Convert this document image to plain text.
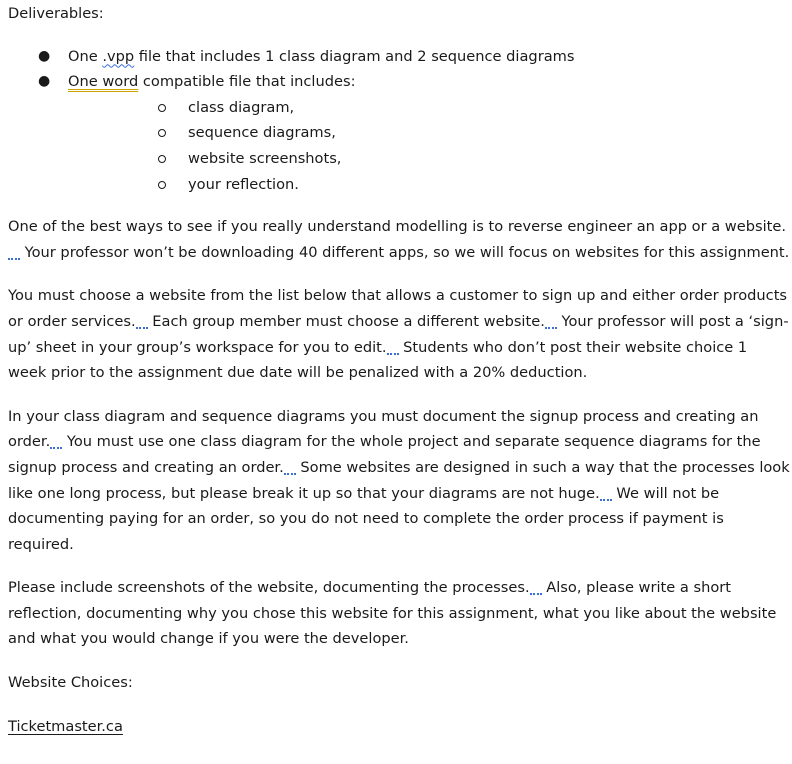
Deliverables:
● One .vpp file that includes 1 class diagram and 2 sequence diagrams
● One word compatible file that includes:
class diagram,
sequence diagrams,
website screenshots,
your reflection.
One of the best ways to see if you really understand modelling is to reverse engineer an app or a website. Your professor won’t be downloading 40 different apps, so we will focus on websites for this assignment.
You must choose a website from the list below that allows a customer to sign up and either order products or order services. Each group member must choose a different website. Your professor will post a ‘sign-up’ sheet in your group’s workspace for you to edit. Students who don’t post their website choice 1 week prior to the assignment due date will be penalized with a 20% deduction.
In your class diagram and sequence diagrams you must document the signup process and creating an order. You must use one class diagram for the whole project and separate sequence diagrams for the signup process and creating an order. Some websites are designed in such a way that the processes look like one long process, but please break it up so that your diagrams are not huge. We will not be documenting paying for an order, so you do not need to complete the order process if payment is required.
Please include screenshots of the website, documenting the processes. Also, please write a short reflection, documenting why you chose this website for this assignment, what you like about the website and what you would change if you were the developer.
Website Choices:
Ticketmaster.ca
